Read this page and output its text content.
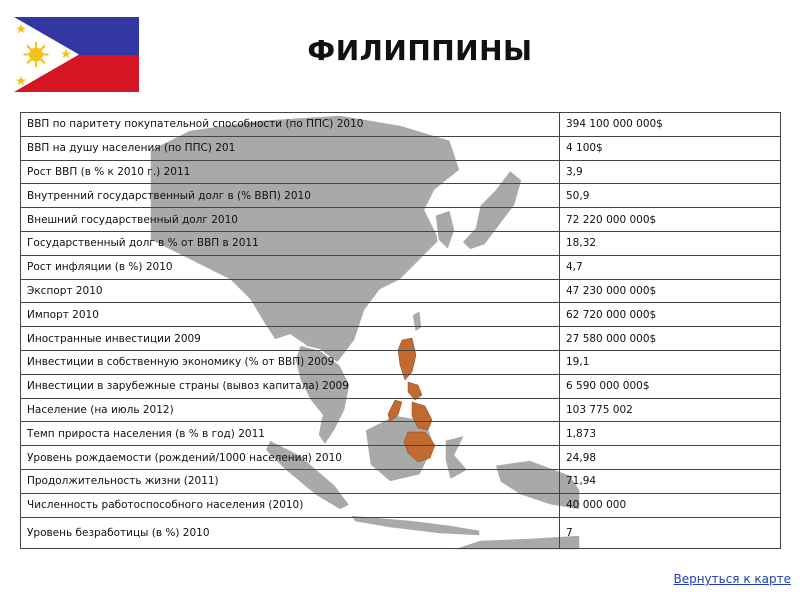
ФИЛИППИНЫ
ВВП по паритету покупательной способности (по ППС) 2010	394 100 000 000$
ВВП на душу населения (по ППС) 201	4 100$
Рост ВВП (в % к 2010 г.) 2011	3,9
Внутренний государственный долг в (% ВВП) 2010	50,9
Внешний государственный долг 2010	72 220 000 000$
Государственный долг в % от ВВП в 2011	18,32
Рост инфляции (в %) 2010	4,7
Экспорт 2010	47 230 000 000$
Импорт 2010	62 720 000 000$
Иностранные инвестиции 2009	27 580 000 000$
Инвестиции в собственную экономику (% от ВВП) 2009	19,1
Инвестиции в зарубежные страны (вывоз капитала) 2009	6 590 000 000$
Население (на июль 2012)	103 775 002
Темп прироста населения (в % в год) 2011	1,873
Уровень рождаемости (рождений/1000 населения) 2010	24,98
Продолжительность жизни (2011)	71,94
Численность работоспособного населения (2010)	40 000 000
Уровень безработицы (в %) 2010	7
Вернуться к карте
